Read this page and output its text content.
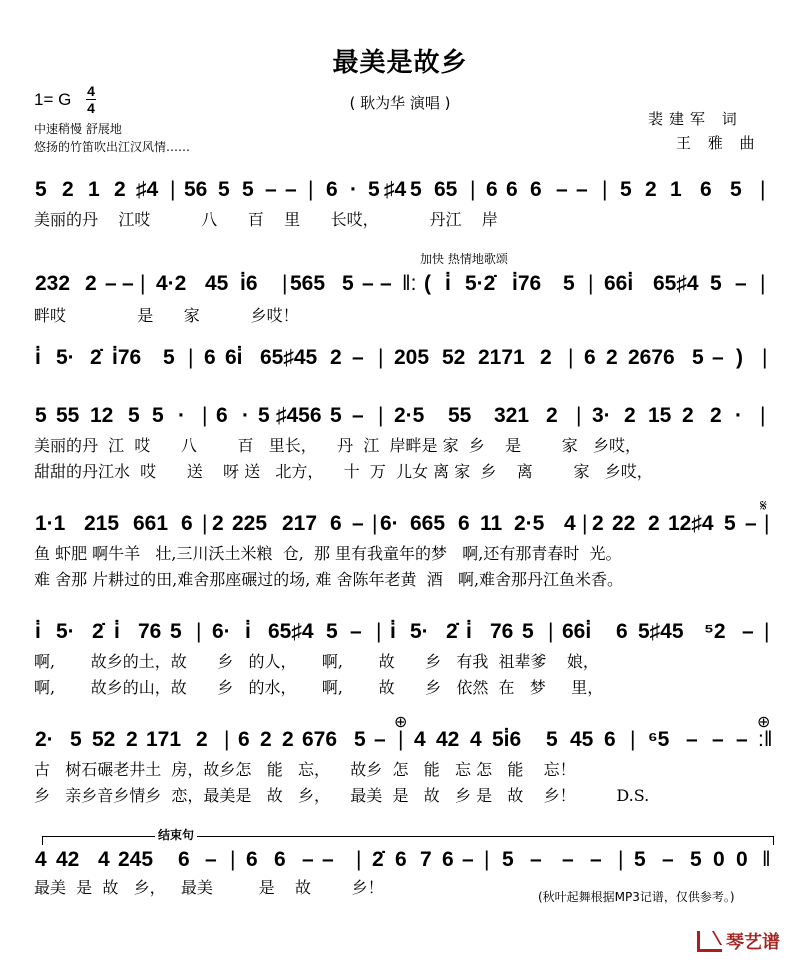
最美是故乡
( 耿为华 演唱 )
1= G 4
4
中速稍慢 舒展地
悠扬的竹笛吹出江汉风情……
裴建军 词
王 雅 曲
加快 热情地歌颂
𝄋
⊕	⊕
结束句
5 2 1 2 ♯4 | 56 5 5 – – | 6 · 5 ♯4 5 65 | 6 6 6 – – | 5 2 1 6 5 |
美丽的丹    江哎          八      百    里      长哎，          丹江    岸
232 2 – – | 4·2 45 i̇6 | 565 5 – – ‖: ( i̇ 5·2̇ i̇76 5 | 66i̇ 65♯4 5 – |
畔哎              是      家          乡哎！
i̇ 5· 2̇ i̇76 5 | 6 6i̇ 65♯45 2 – | 205 52 2171 2 | 6 2 2676 5 – ) |
5 55 12 5 5 · | 6 · 5 ♯456 5 – | 2·5 55 321 2 | 3· 2 15 2 2 · |
美丽的丹  江  哎      八        百   里长，    丹  江  岸畔是 家  乡    是        家   乡哎，
甜甜的丹江水  哎      送    呀 送   北方，    十  万  儿女 离 家  乡    离        家   乡哎，
1·1 215 661 6 | 2 225 217 6 – | 6· 665 6 11 2·5 4 | 2 22 2 12♯4 5 – |
鱼 虾肥 啊牛羊   壮,三川沃土米粮  仓,  那 里有我童年的梦   啊,还有那青春时  光。
难 舍那 片耕过的田,难舍那座碾过的场, 难 舍陈年老黄  酒   啊,难舍那丹江鱼米香。
i̇ 5· 2̇ i̇ 76 5 | 6· i̇ 65♯4 5 – | i̇ 5· 2̇ i̇ 76 5 | 66i̇ 6 5♯45 ⁵2 – |
啊,       故乡的土，故      乡   的人，     啊,       故      乡   有我  祖辈爹    娘，
啊,       故乡的山，故      乡   的水，     啊,       故      乡   依然  在   梦     里，
2· 5 52 2 171 2 | 6 2 2 676 5 – | 4 42 4 5i̇6 5 45 6 | ⁶5 – – – :‖
古   树石碾老井土  房，故乡怎   能   忘，    故乡  怎   能   忘 怎   能    忘！
乡   亲乡音乡情乡  恋，最美是   故   乡，    最美  是   故   乡 是   故    乡！        D.S.
4 42 4 245 6 – | 6 6 – – | 2̇ 6 7 6 – | 5 – – – | 5 – 5 0 0 ‖
最美  是  故   乡，   最美         是    故        乡！	(秋叶起舞根据MP3记谱，仅供参考。)
琴艺谱
